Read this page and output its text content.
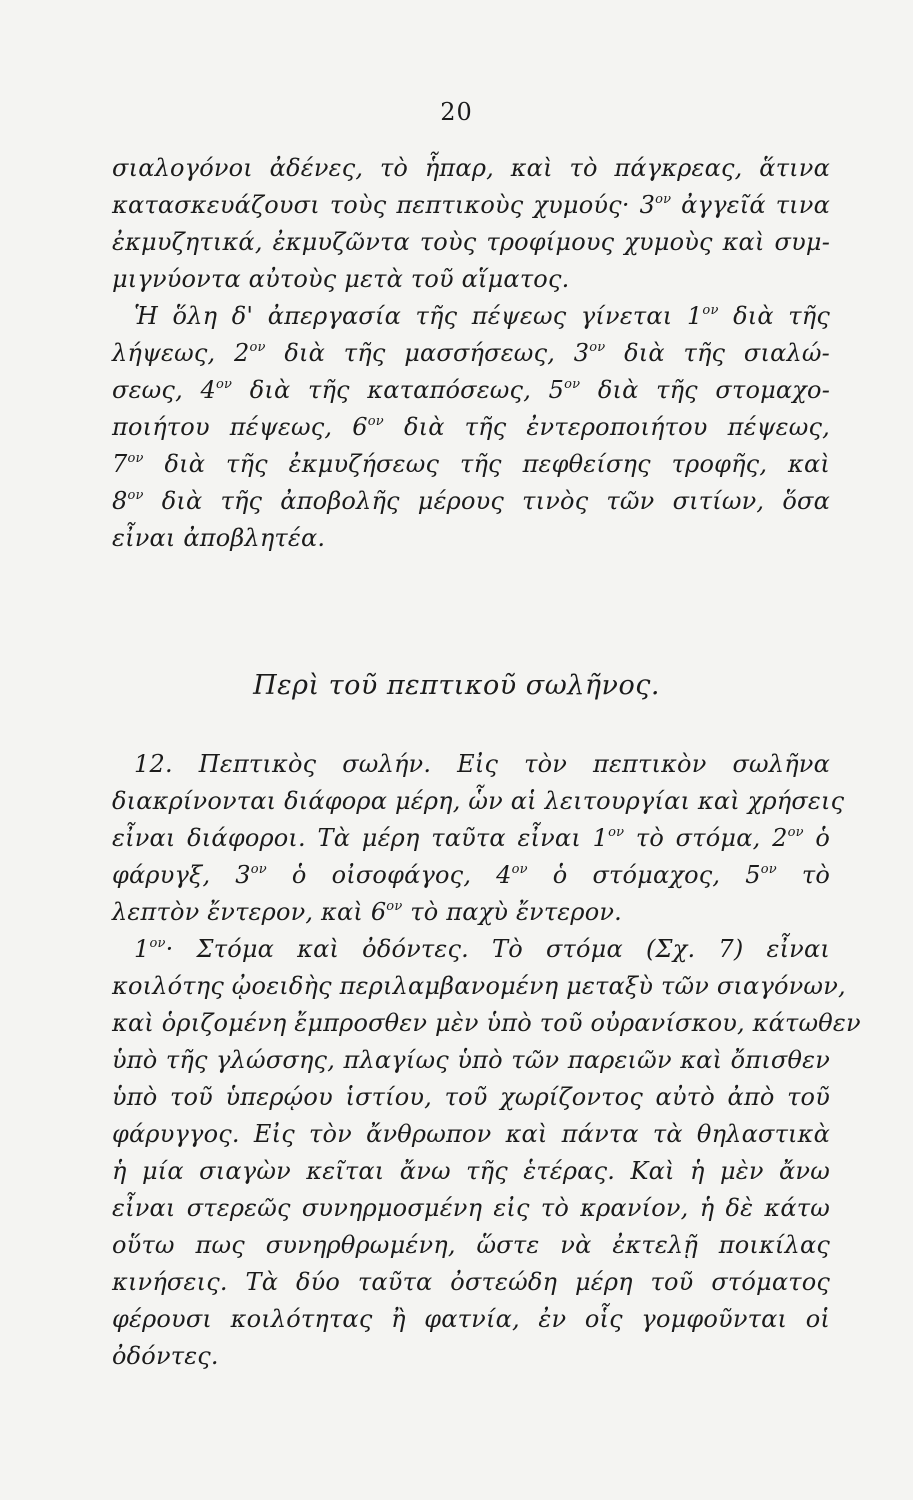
20
σιαλογόνοι ἀδένες, τὸ ἧπαρ, καὶ τὸ πάγκρεας, ἅτινα
κατασκευάζουσι τοὺς πεπτικοὺς $\chi\upsilon\mu oύ\varsigma\cdot 3^{o\nu}$ ἀγγεῖά τινα
ἐκμυζητικά, ἐκμυζῶντα τοὺς τροφίμους χυμοὺς καὶ συμ-
μιγνύοντα αὐτοὺς μετὰ τοῦ αἵματος.
Ἡ ὅλη δ' ἀπεργασία τῆς πέψεως γίνεται $1^{o\nu}$ διὰ τῆς
λήψεως, $2^{o\nu}$ διὰ τῆς μασσήσεως, $3^{o\nu}$ διὰ τῆς σιαλώ-
σεως, $4^{o\nu}$ διὰ τῆς καταπόσεως, $5^{o\nu}$ διὰ τῆς στομαχο-
ποιήτου πέψεως, $6^{o\nu}$ διὰ τῆς ἐντεροποιήτου πέψεως,
$7^{o\nu}$ διὰ τῆς ἐκμυζήσεως τῆς πεφθείσης τροφῆς, καὶ
$8^{o\nu}$ διὰ τῆς ἀποβολῆς μέρους τινὸς τῶν σιτίων, ὅσα
εἶναι ἀποβλητέα.
Περὶ τοῦ πεπτικοῦ σωλῆνος.
12. Πεπτικὸς σωλήν. Εἰς τὸν πεπτικὸν σωλῆνα
διακρίνονται διάφορα μέρη, ὧν αἱ λειτουργίαι καὶ χρήσεις
εἶναι διάφοροι. Τὰ μέρη ταῦτα εἶναι $1^{o\nu}$ τὸ στόμα, $2^{o\nu}$ ὁ
φάρυγξ, $3^{o\nu}$ ὁ οἰσοφάγος, $4^{o\nu}$ ὁ στόμαχος, $5^{o\nu}$ τὸ
λεπτὸν ἔντερον, καὶ $6^{o\nu}$ τὸ παχὺ ἔντερον.
$1^{o\nu}\cdot \Sigma\tau ό\mu\alpha$ καὶ ὀδόντες. Τὸ στόμα (Σχ. 7) εἶναι
κοιλότης ᾠοειδὴς περιλαμβανομένη μεταξὺ τῶν σιαγόνων,
καὶ ὁριζομένη ἔμπροσθεν μὲν ὑπὸ τοῦ οὐρανίσκου, κάτωθεν
ὑπὸ τῆς γλώσσης, πλαγίως ὑπὸ τῶν παρειῶν καὶ ὄπισθεν
ὑπὸ τοῦ ὑπερῴου ἱστίου, τοῦ χωρίζοντος αὐτὸ ἀπὸ τοῦ
φάρυγγος. Εἰς τὸν ἄνθρωπον καὶ πάντα τὰ θηλαστικὰ
ἡ μία σιαγὼν κεῖται ἄνω τῆς ἑτέρας. Καὶ ἡ μὲν ἄνω
εἶναι στερεῶς συνηρμοσμένη εἰς τὸ κρανίον, ἡ δὲ κάτω
οὕτω πως συνηρθρωμένη, ὥστε νὰ ἐκτελῇ ποικίλας
κινήσεις. Τὰ δύο ταῦτα ὀστεώδη μέρη τοῦ στόματος
φέρουσι κοιλότητας ἢ φατνία, ἐν οἷς γομφοῦνται οἱ
ὀδόντες.
